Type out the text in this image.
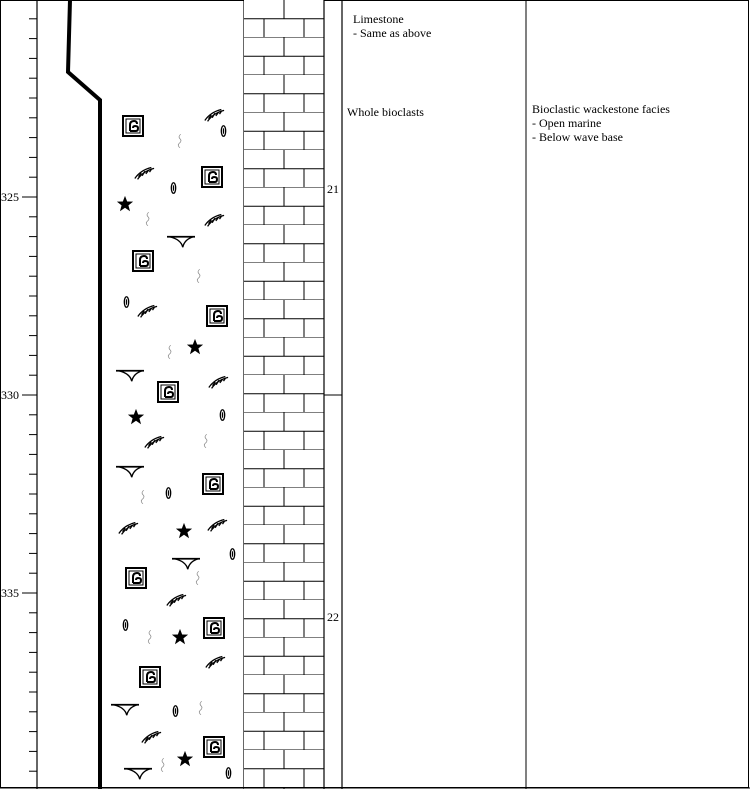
325
330
335
21
22
Limestone
- Same as above
Whole bioclasts	Bioclastic wackestone facies
- Open marine
- Below wave base
